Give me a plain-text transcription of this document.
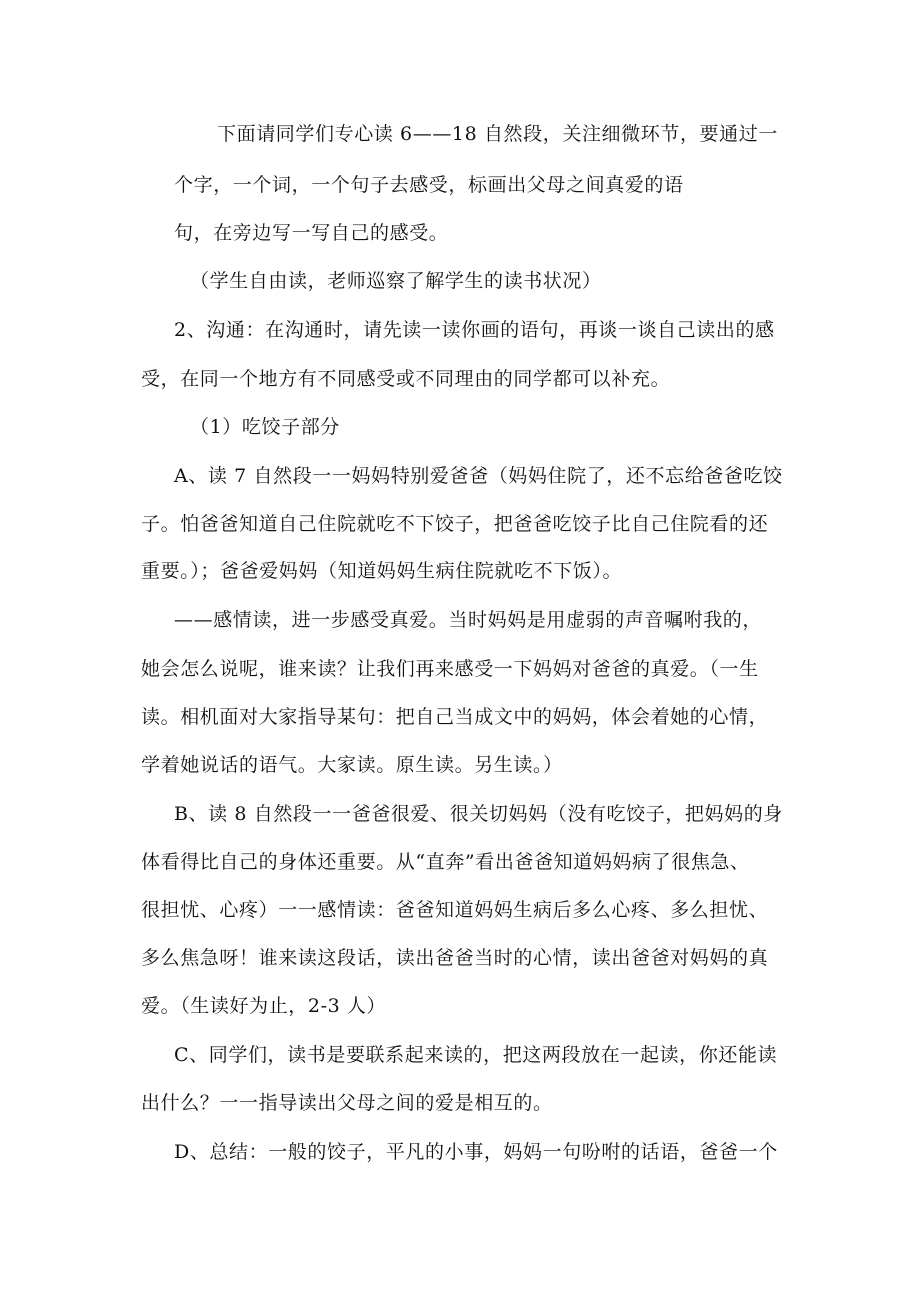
下面请同学们专心读 6——18 自然段，关注细微环节，要通过一
个字，一个词，一个句子去感受，标画出父母之间真爱的语
句，在旁边写一写自己的感受。
（学生自由读，老师巡察了解学生的读书状况）
2、沟通：在沟通时，请先读一读你画的语句，再谈一谈自己读出的感
受，在同一个地方有不同感受或不同理由的同学都可以补充。
（1）吃饺子部分
A、读 7 自然段一一妈妈特别爱爸爸（妈妈住院了，还不忘给爸爸吃饺
子。怕爸爸知道自己住院就吃不下饺子，把爸爸吃饺子比自己住院看的还
重要。）；爸爸爱妈妈（知道妈妈生病住院就吃不下饭）。
——感情读，进一步感受真爱。当时妈妈是用虚弱的声音嘱咐我的，
她会怎么说呢，谁来读？让我们再来感受一下妈妈对爸爸的真爱。（一生
读。相机面对大家指导某句：把自己当成文中的妈妈，体会着她的心情，
学着她说话的语气。大家读。原生读。另生读。）
B、读 8 自然段一一爸爸很爱、很关切妈妈（没有吃饺子，把妈妈的身
体看得比自己的身体还重要。从“直奔”看出爸爸知道妈妈病了很焦急、
很担忧、心疼）一一感情读：爸爸知道妈妈生病后多么心疼、多么担忧、
多么焦急呀！谁来读这段话，读出爸爸当时的心情，读出爸爸对妈妈的真
爱。（生读好为止，2-3 人）
C、同学们，读书是要联系起来读的，把这两段放在一起读，你还能读
出什么？一一指导读出父母之间的爱是相互的。
D、总结：一般的饺子，平凡的小事，妈妈一句吩咐的话语，爸爸一个
